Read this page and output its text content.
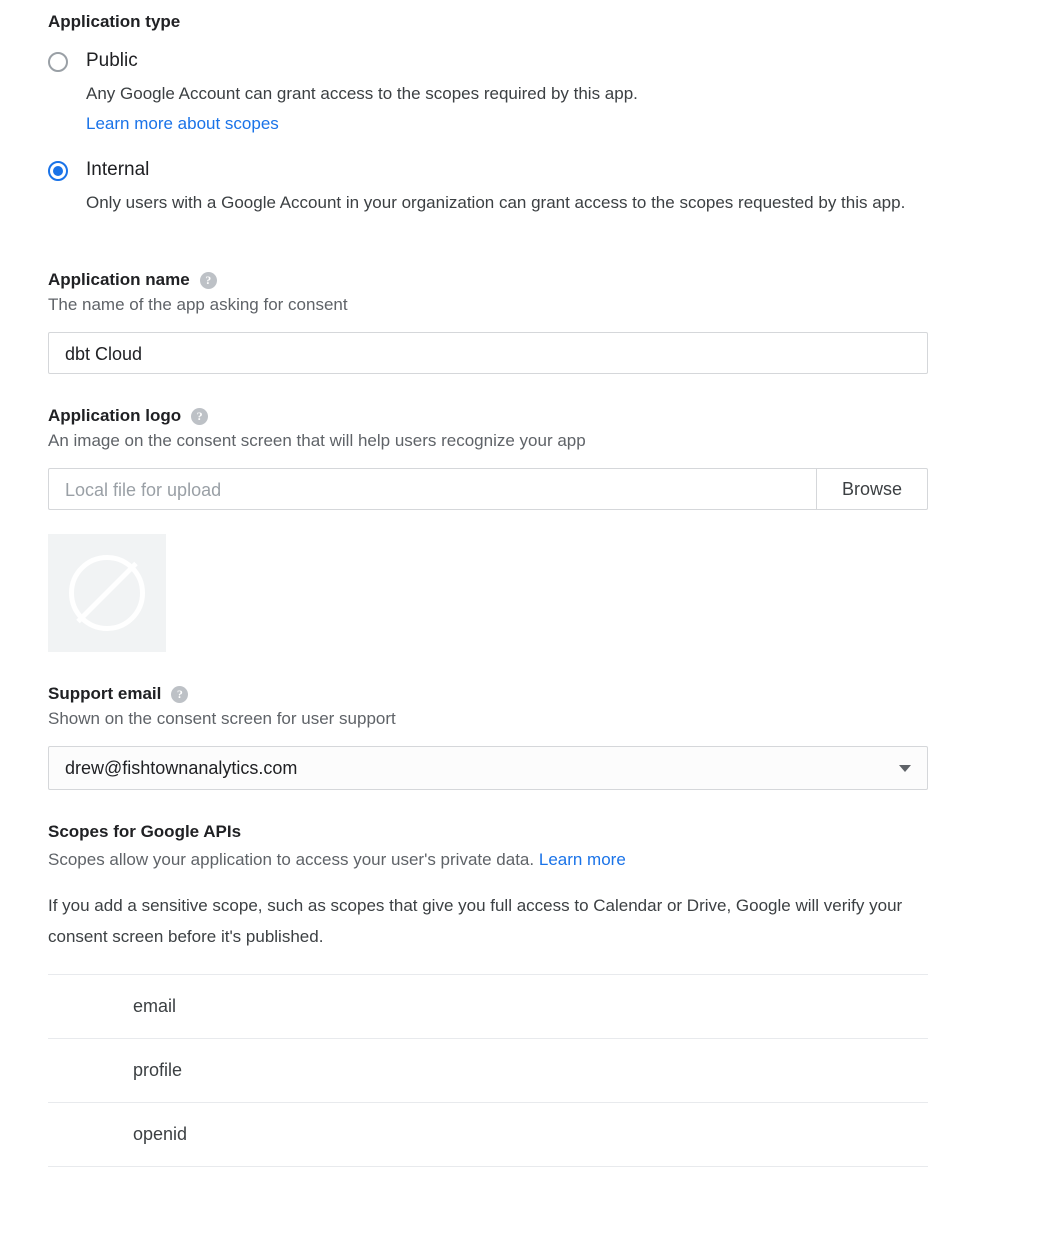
Application type
Public
Any Google Account can grant access to the scopes required by this app.
Learn more about scopes
Internal
Only users with a Google Account in your organization can grant access to the scopes requested by this app.
Application name	?
The name of the app asking for consent
dbt Cloud
Application logo	?
An image on the consent screen that will help users recognize your app
Local file for upload	Browse
Support email	?
Shown on the consent screen for user support
drew@fishtownanalytics.com
Scopes for Google APIs
Scopes allow your application to access your user's private data. Learn more
If you add a sensitive scope, such as scopes that give you full access to Calendar or Drive, Google will verify your consent screen before it's published.
	email
	profile
	openid
